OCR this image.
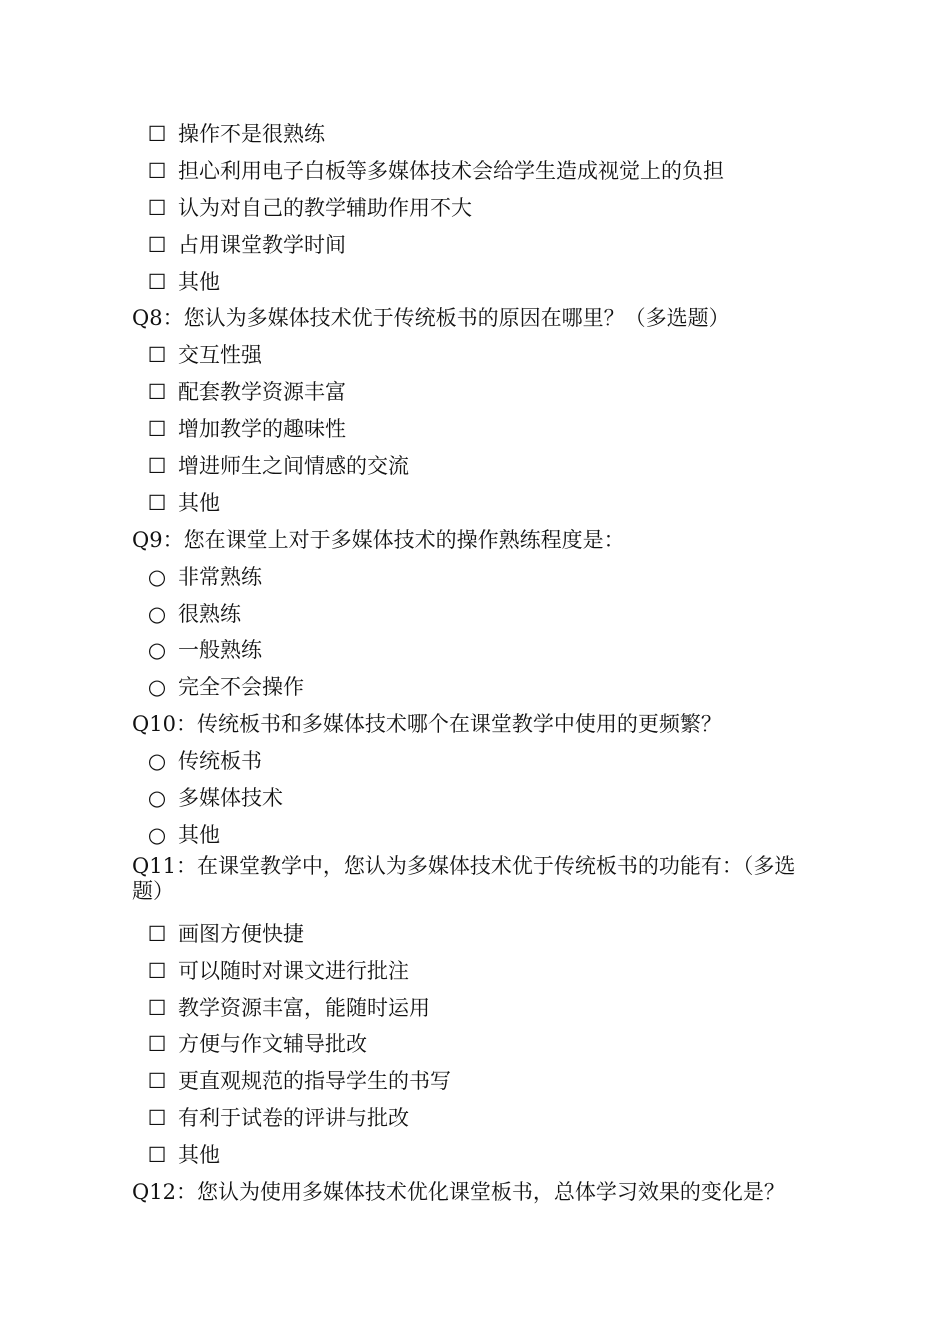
☐ 操作不是很熟练
☐ 担心利用电子白板等多媒体技术会给学生造成视觉上的负担
☐ 认为对自己的教学辅助作用不大
☐ 占用课堂教学时间
☐ 其他
Q8：您认为多媒体技术优于传统板书的原因在哪里？（多选题）
☐ 交互性强
☐ 配套教学资源丰富
☐ 增加教学的趣味性
☐ 增进师生之间情感的交流
☐ 其他
Q9：您在课堂上对于多媒体技术的操作熟练程度是：
○ 非常熟练
○ 很熟练
○ 一般熟练
○ 完全不会操作
Q10：传统板书和多媒体技术哪个在课堂教学中使用的更频繁？
○ 传统板书
○ 多媒体技术
○ 其他
Q11：在课堂教学中，您认为多媒体技术优于传统板书的功能有：（多选题）
☐ 画图方便快捷
☐ 可以随时对课文进行批注
☐ 教学资源丰富，能随时运用
☐ 方便与作文辅导批改
☐ 更直观规范的指导学生的书写
☐ 有利于试卷的评讲与批改
☐ 其他
Q12：您认为使用多媒体技术优化课堂板书，总体学习效果的变化是？
